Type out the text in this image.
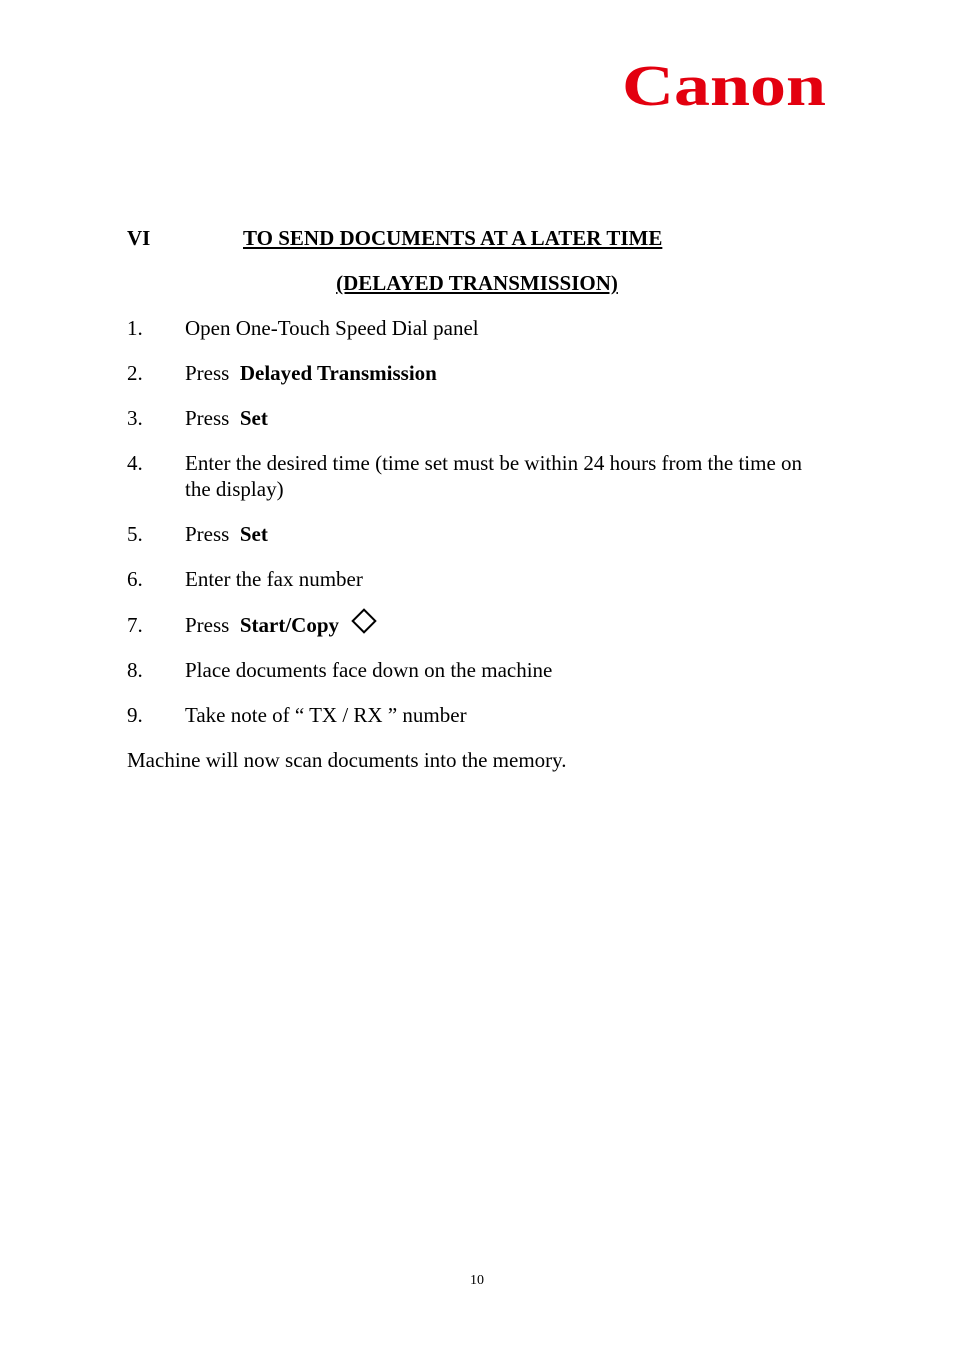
Canon
VI	TO SEND DOCUMENTS AT A LATER TIME
(DELAYED TRANSMISSION)
1. Open One-Touch Speed Dial panel
2. Press Delayed Transmission
3. Press Set
4. Enter the desired time (time set must be within 24 hours from the time on the display)
5. Press Set
6. Enter the fax number
7. Press Start/Copy
8. Place documents face down on the machine
9. Take note of “ TX / RX ” number
Machine will now scan documents into the memory.
10
